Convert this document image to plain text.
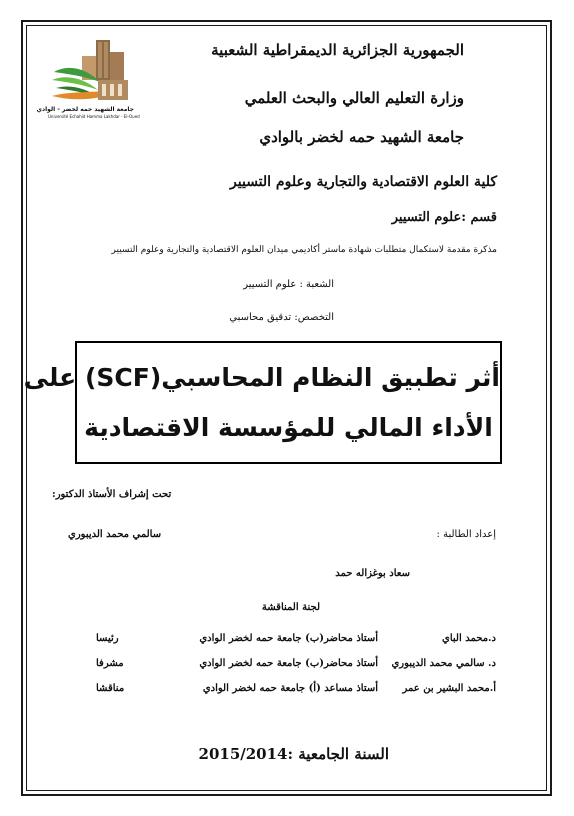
جامعة الشهيد حمه لخضر - الوادي
Université Echahid Hamma Lakhdar - El-Oued
الجمهورية الجزائرية الديمقراطية الشعبية
وزارة التعليم العالي والبحث العلمي
جامعة الشهيد حمه لخضر بالوادي
كلية العلوم الاقتصادية والتجارية وعلوم التسيير
قسم :علوم التسيير
مذكرة مقدمة لاستكمال متطلبات شهادة ماستر أكاديمي ميدان العلوم الاقتصادية والتجارية وعلوم التسيير
الشعبة : علوم التسيير
التخصص: تدقيق محاسبي
أثر تطبيق النظام المحاسبي(SCF) على
الأداء المالي للمؤسسة الاقتصادية
تحت إشراف الأستاذ الدكتور:
سالمي محمد الديبوري	إعداد الطالبة :
سعاد بوغزاله حمد
لجنة المناقشة
د.محمد الباي
أستاذ محاضر(ب) جامعة حمه لخضر الوادي
رئيسا
د. سالمي محمد الديبوري
أستاذ محاضر(ب) جامعة حمه لخضر الوادي
مشرفا
أ.محمد البشير بن عمر
أستاذ مساعد (أ) جامعة حمه لخضر الوادي
مناقشا
السنة الجامعية :2015/2014
